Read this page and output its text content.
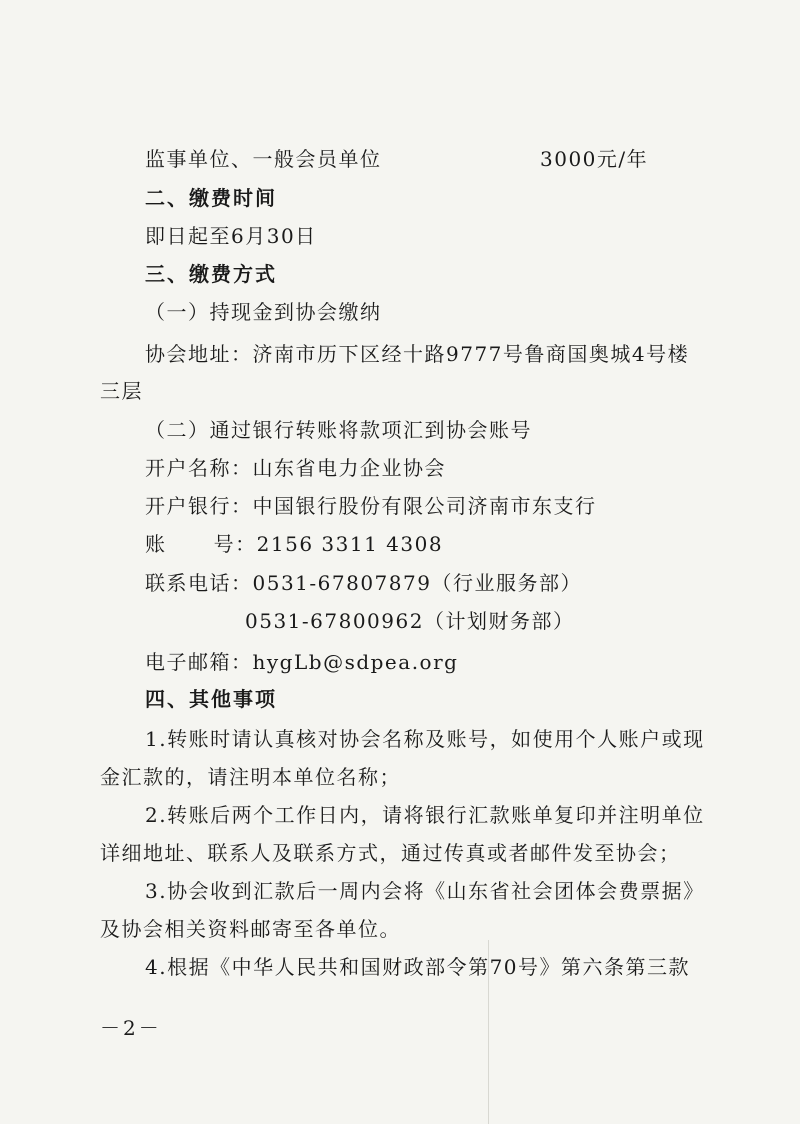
监事单位、一般会员单位	3000元/年
二、缴费时间
即日起至6月30日
三、缴费方式
（一）持现金到协会缴纳
协会地址：济南市历下区经十路9777号鲁商国奥城4号楼
三层
（二）通过银行转账将款项汇到协会账号
开户名称：山东省电力企业协会
开户银行：中国银行股份有限公司济南市东支行
账      号：2156 3311 4308
联系电话：0531-67807879（行业服务部）
0531-67800962（计划财务部）
电子邮箱：hygLb@sdpea.org
四、其他事项
1.转账时请认真核对协会名称及账号，如使用个人账户或现
金汇款的，请注明本单位名称；
2.转账后两个工作日内，请将银行汇款账单复印并注明单位
详细地址、联系人及联系方式，通过传真或者邮件发至协会；
3.协会收到汇款后一周内会将《山东省社会团体会费票据》
及协会相关资料邮寄至各单位。
4.根据《中华人民共和国财政部令第70号》第六条第三款
－2－
